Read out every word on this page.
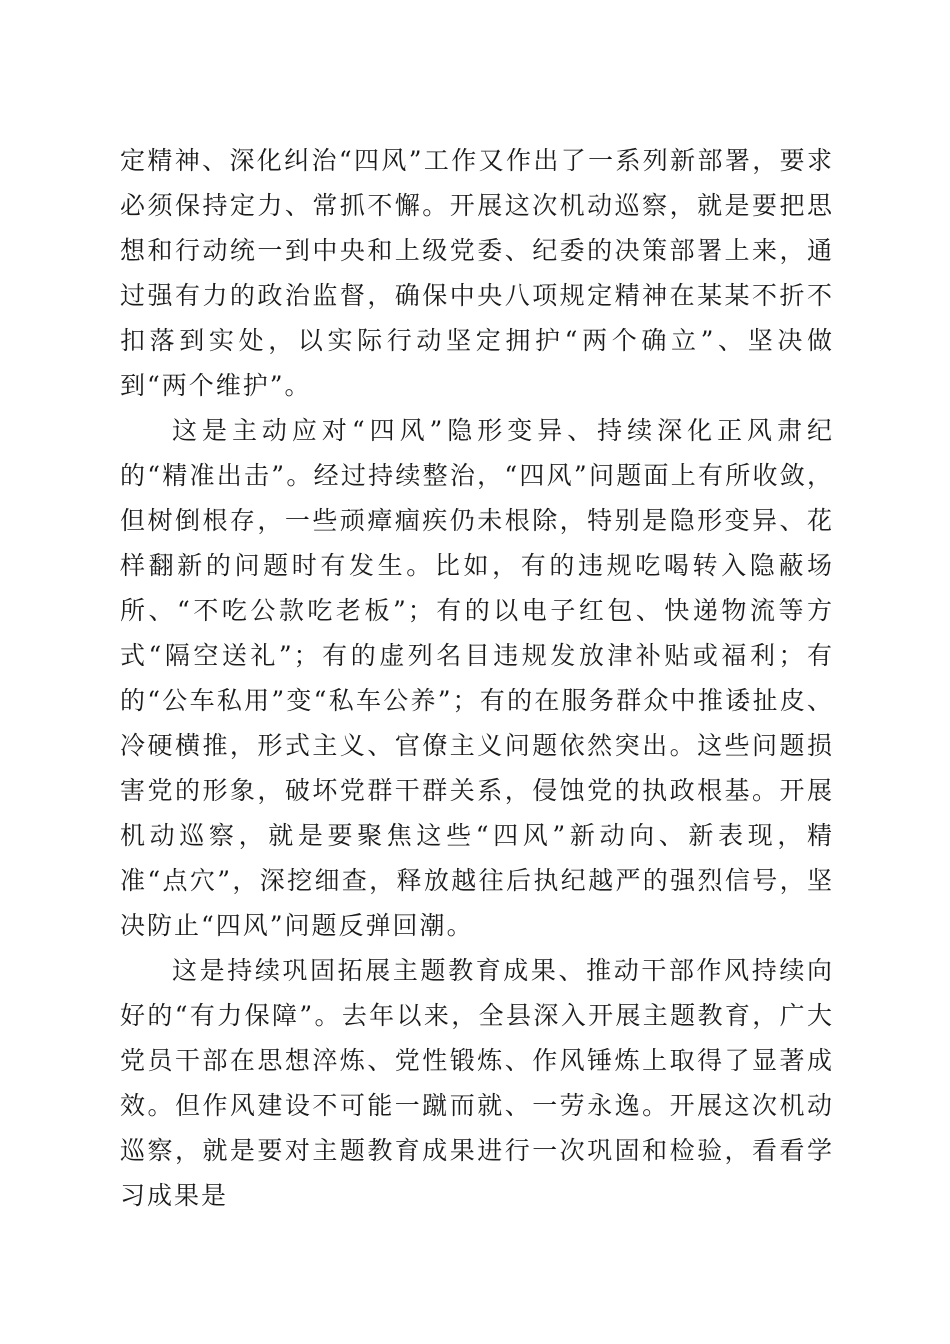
定精神、深化纠治“四风”工作又作出了一系列新部署，要求必须保持定力、常抓不懈。开展这次机动巡察，就是要把思想和行动统一到中央和上级党委、纪委的决策部署上来，通过强有力的政治监督，确保中央八项规定精神在某某不折不扣落到实处，以实际行动坚定拥护“两个确立”、坚决做到“两个维护”。

这是主动应对“四风”隐形变异、持续深化正风肃纪的“精准出击”。经过持续整治，“四风”问题面上有所收敛，但树倒根存，一些顽瘴痼疾仍未根除，特别是隐形变异、花样翻新的问题时有发生。比如，有的违规吃喝转入隐蔽场所、“不吃公款吃老板”；有的以电子红包、快递物流等方式“隔空送礼”；有的虚列名目违规发放津补贴或福利；有的“公车私用”变“私车公养”；有的在服务群众中推诿扯皮、冷硬横推，形式主义、官僚主义问题依然突出。这些问题损害党的形象，破坏党群干群关系，侵蚀党的执政根基。开展机动巡察，就是要聚焦这些“四风”新动向、新表现，精准“点穴”，深挖细查，释放越往后执纪越严的强烈信号，坚决防止“四风”问题反弹回潮。

这是持续巩固拓展主题教育成果、推动干部作风持续向好的“有力保障”。去年以来，全县深入开展主题教育，广大党员干部在思想淬炼、党性锻炼、作风锤炼上取得了显著成效。但作风建设不可能一蹴而就、一劳永逸。开展这次机动巡察，就是要对主题教育成果进行一次巩固和检验，看看学习成果是
